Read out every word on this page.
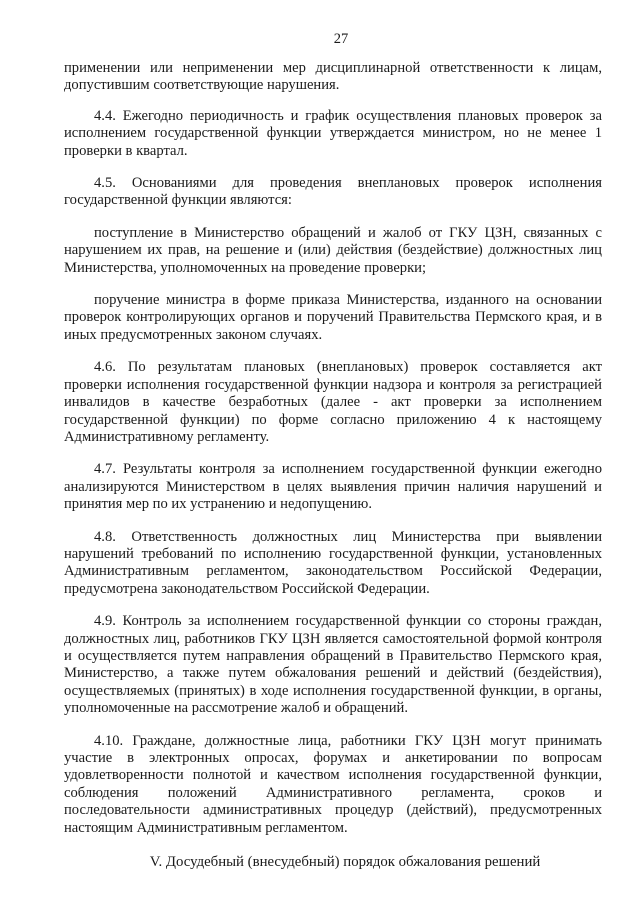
27

применении или неприменении мер дисциплинарной ответственности к лицам, допустившим соответствующие нарушения.

4.4. Ежегодно периодичность и график осуществления плановых проверок за исполнением государственной функции утверждается министром, но не менее 1 проверки в квартал.

4.5. Основаниями для проведения внеплановых проверок исполнения государственной функции являются:

поступление в Министерство обращений и жалоб от ГКУ ЦЗН, связанных с нарушением их прав, на решение и (или) действия (бездействие) должностных лиц Министерства, уполномоченных на проведение проверки;

поручение министра в форме приказа Министерства, изданного на основании проверок контролирующих органов и поручений Правительства Пермского края, и в иных предусмотренных законом случаях.

4.6. По результатам плановых (внеплановых) проверок составляется акт проверки исполнения государственной функции надзора и контроля за регистрацией инвалидов в качестве безработных (далее - акт проверки за исполнением государственной функции) по форме согласно приложению 4 к настоящему Административному регламенту.

4.7. Результаты контроля за исполнением государственной функции ежегодно анализируются Министерством в целях выявления причин наличия нарушений и принятия мер по их устранению и недопущению.

4.8. Ответственность должностных лиц Министерства при выявлении нарушений требований по исполнению государственной функции, установленных Административным регламентом, законодательством Российской Федерации, предусмотрена законодательством Российской Федерации.

4.9. Контроль за исполнением государственной функции со стороны граждан, должностных лиц, работников ГКУ ЦЗН является самостоятельной формой контроля и осуществляется путем направления обращений в Правительство Пермского края, Министерство, а также путем обжалования решений и действий (бездействия), осуществляемых (принятых) в ходе исполнения государственной функции, в органы, уполномоченные на рассмотрение жалоб и обращений.

4.10. Граждане, должностные лица, работники ГКУ ЦЗН могут принимать участие в электронных опросах, форумах и анкетировании по вопросам удовлетворенности полнотой и качеством исполнения государственной функции, соблюдения положений Административного регламента, сроков и последовательности административных процедур (действий), предусмотренных настоящим Административным регламентом.

V. Досудебный (внесудебный) порядок обжалования решений
